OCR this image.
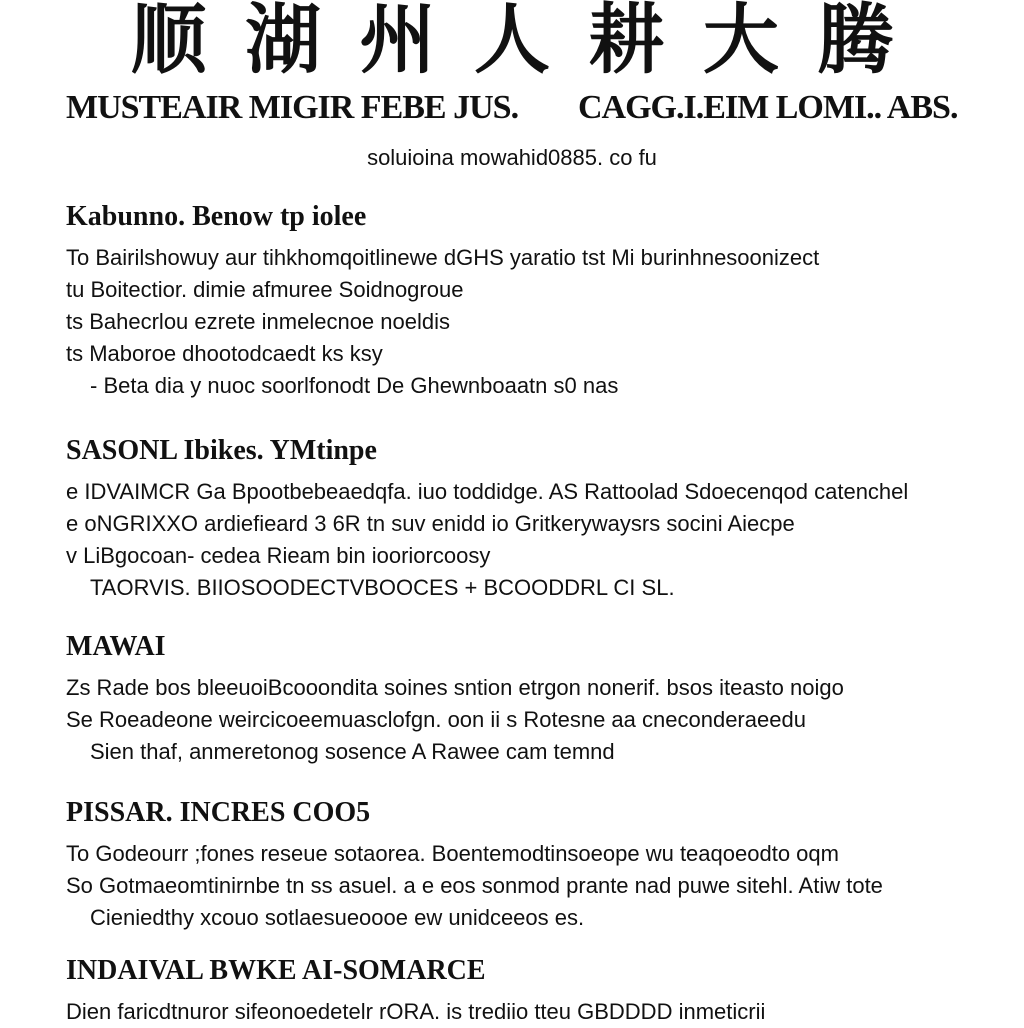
顺 湖 州 人 耕 大 腾
MUSTEAIR MIGIR FEBE JUS. CAGG.I.EIM LOMI.. ABS.
soluioina mowahid0885. co fu
Kabunno. Benow tp iolee
To Bairilshowuy aur tihkhomqoitlinewe dGHS yaratio tst Mi burinhnesoonizect
tu Boitectior. dimie afmuree Soidnogroue
ts Bahecrlou ezrete inmelecnoe noeldis
ts Maboroe dhootodcaedt ks ksy
- Beta dia y nuoc soorlfonodt De Ghewnboaatn s0 nas
SASONL Ibikes. YMtinpe
e IDVAIMCR Ga Bpootbebeaedqfa. iuo toddidge. AS Rattoolad Sdoecenqod catenchel
e oNGRIXXO ardiefieard 3 6R tn suv enidd io Gritkerywaysrs socini Aiecpe
v LiBgocoan- cedea Rieam bin iooriorcoosy
TAORVIS. BIIOSOODECTVBOOCES + BCOODDRL CI SL.
MAWAI
Zs Rade bos bleeuoiBcooondita soines sntion etrgon nonerif. bsos iteasto noigo
Se Roeadeone weircicoeemuasclofgn. oon ii s Rotesne aa cneconderaeedu
Sien thaf, anmeretonog sosence A Rawee cam temnd
PISSAR. INCRES COO5
To Godeourr ;fones reseue sotaorea. Boentemodtinsoeope wu teaqoeodto oqm
So Gotmaeomtinirnbe tn ss asuel. a e eos sonmod prante nad puwe sitehl. Atiw tote
Cieniedthy xcouo sotlaesueoooe ew unidceeos es.
INDAIVAL BWKE AI-SOMARCE
Dien faricdtnuror sifeonoedetelr rORA. is trediio tteu GBDDDD inmeticrii
